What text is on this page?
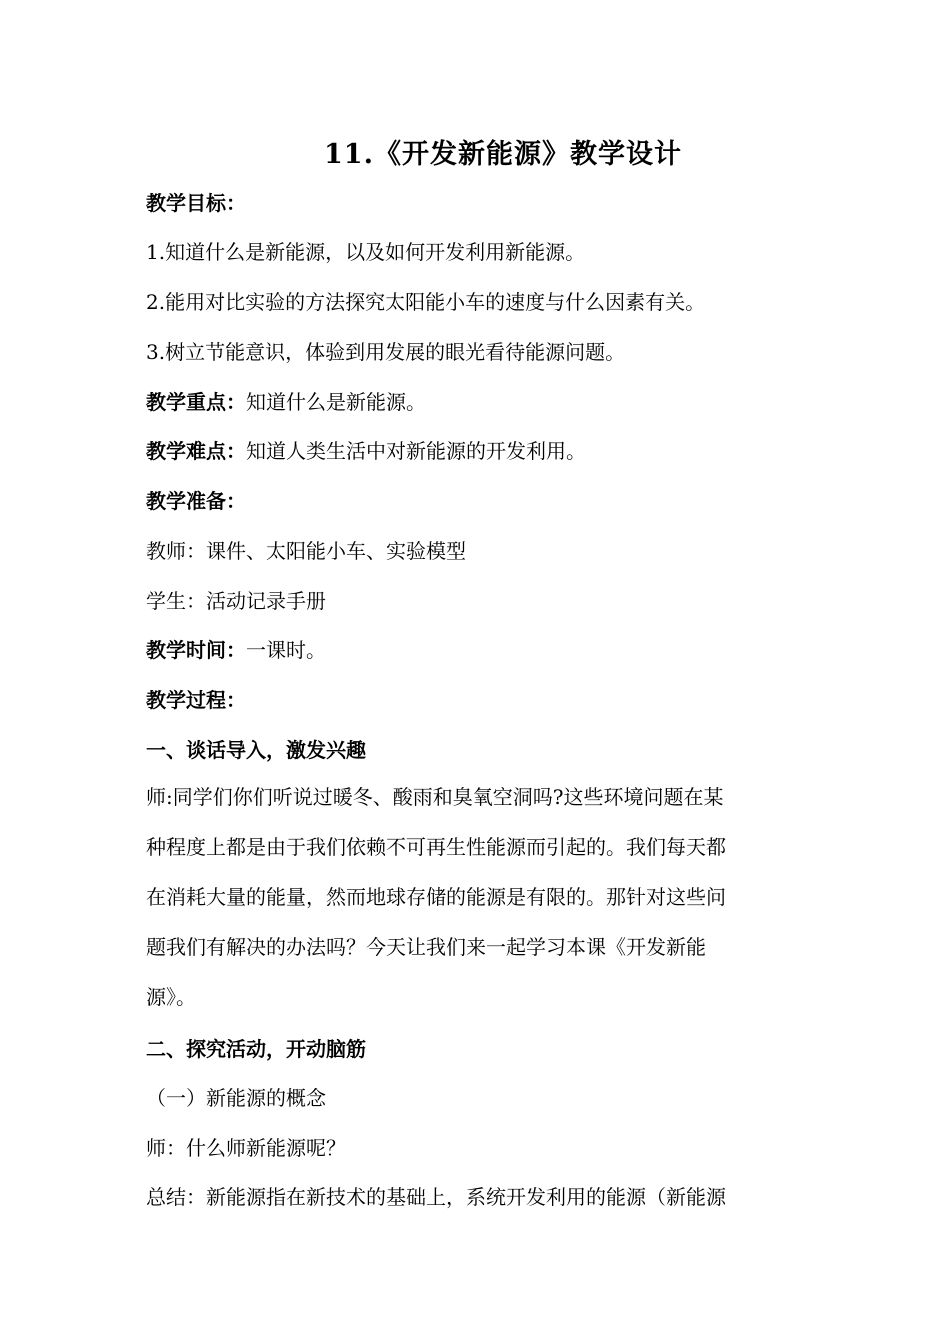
11.《开发新能源》教学设计
教学目标：
1.知道什么是新能源，以及如何开发利用新能源。
2.能用对比实验的方法探究太阳能小车的速度与什么因素有关。
3.树立节能意识，体验到用发展的眼光看待能源问题。
教学重点：知道什么是新能源。
教学难点：知道人类生活中对新能源的开发利用。
教学准备：
教师：课件、太阳能小车、实验模型
学生：活动记录手册
教学时间：一课时。
教学过程：
一、谈话导入，激发兴趣
师:同学们你们听说过暖冬、酸雨和臭氧空洞吗?这些环境问题在某
种程度上都是由于我们依赖不可再生性能源而引起的。我们每天都
在消耗大量的能量，然而地球存储的能源是有限的。那针对这些问
题我们有解决的办法吗？今天让我们来一起学习本课《开发新能
源》。
二、探究活动，开动脑筋
（一）新能源的概念
师：什么师新能源呢？
总结：新能源指在新技术的基础上，系统开发利用的能源（新能源
